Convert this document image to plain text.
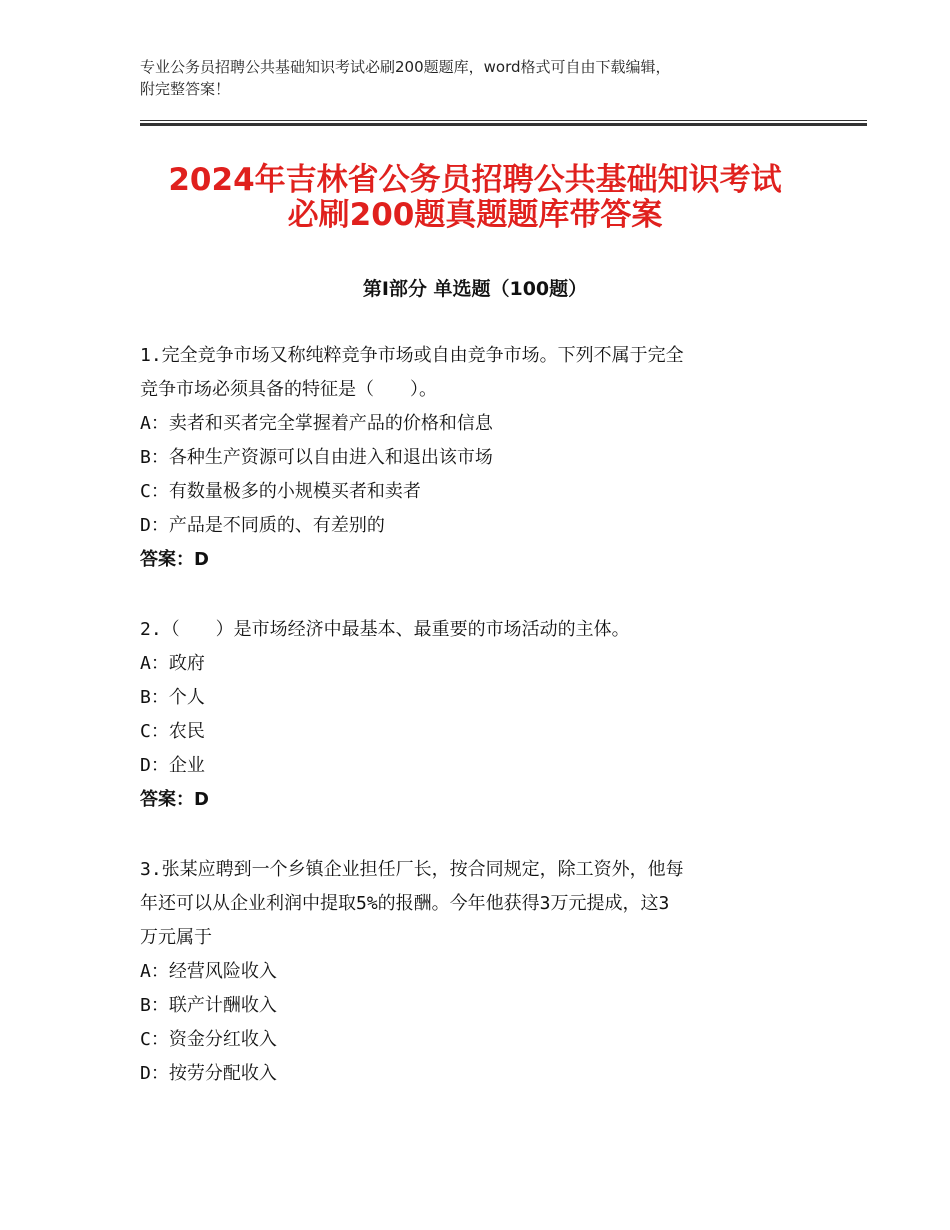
专业公务员招聘公共基础知识考试必刷200题题库，word格式可自由下载编辑，
附完整答案！
2024年吉林省公务员招聘公共基础知识考试
必刷200题真题题库带答案
第Ⅰ部分 单选题（100题）
1.完全竞争市场又称纯粹竞争市场或自由竞争市场。下列不属于完全
竞争市场必须具备的特征是（　　）。
A：卖者和买者完全掌握着产品的价格和信息
B：各种生产资源可以自由进入和退出该市场
C：有数量极多的小规模买者和卖者
D：产品是不同质的、有差别的
答案：D
2.（　　）是市场经济中最基本、最重要的市场活动的主体。
A：政府
B：个人
C：农民
D：企业
答案：D
3.张某应聘到一个乡镇企业担任厂长，按合同规定，除工资外，他每
年还可以从企业利润中提取5%的报酬。今年他获得3万元提成，这3
万元属于
A：经营风险收入
B：联产计酬收入
C：资金分红收入
D：按劳分配收入
